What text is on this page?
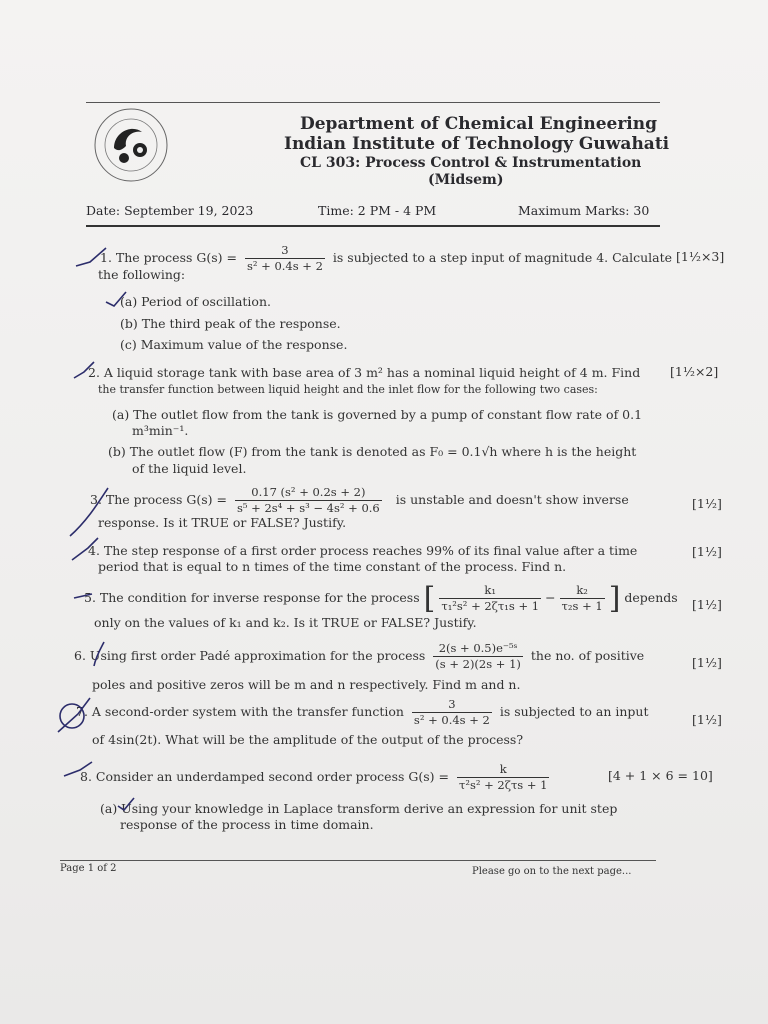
Department of Chemical Engineering
Indian Institute of Technology Guwahati
CL 303: Process Control & Instrumentation
(Midsem)
Date: September 19, 2023	Time: 2 PM - 4 PM	Maximum Marks: 30
1. The process $G(s) = \frac{3}{\text{s² + 0.4s + 2}}$ is subjected to a step input of magnitude 4. Calculate
the following:
[1½×3]
(a) Period of oscillation.
(b) The third peak of the response.
(c) Maximum value of the response.
2. A liquid storage tank with base area of 3 m² has a nominal liquid height of 4 m. Find
the transfer function between liquid height and the inlet flow for the following two cases:
[1½×2]
(a) The outlet flow from the tank is governed by a pump of constant flow rate of 0.1
m³min⁻¹.
(b) The outlet flow (F) from the tank is denoted as F₀ = 0.1√h where h is the height
of the liquid level.
3. The process $G(s) = \frac{\text{0.17 (s² + 0.2s + 2)}}{\text{s⁵ + 2s⁴ + s³ − 4s² + 0.6}}$ is unstable and doesn't show inverse
response. Is it TRUE or FALSE? Justify.
[1½]
4. The step response of a first order process reaches 99% of its final value after a time
period that is equal to n times of the time constant of the process. Find n.
[1½]
5. The condition for inverse response for the process [ $\frac{\text{k₁}}{\text{τ₁²s² + 2ζτ₁s + 1}} - \frac{\text{k₂}}{\text{τ₂s + 1}}$ ] depends
only on the values of k₁ and k₂. Is it TRUE or FALSE? Justify.
[1½]
6. Using first order Padé approximation for the process $\frac{\text{2(s + 0.5)e⁻⁵ˢ}}{(s + 2)(2s + 1)}$ the no. of positive
poles and positive zeros will be m and n respectively. Find m and n.
[1½]
7. A second-order system with the transfer function $\frac{3}{\text{s² + 0.4s + 2}}$ is subjected to an input
of 4sin(2t). What will be the amplitude of the output of the process?
[1½]
8. Consider an underdamped second order process $G(s) = \frac{k}{\text{τ²s² + 2ζτs + 1}}$	[4 + 1 × 6 = 10]
(a) Using your knowledge in Laplace transform derive an expression for unit step
response of the process in time domain.
Page 1 of 2	Please go on to the next page...
